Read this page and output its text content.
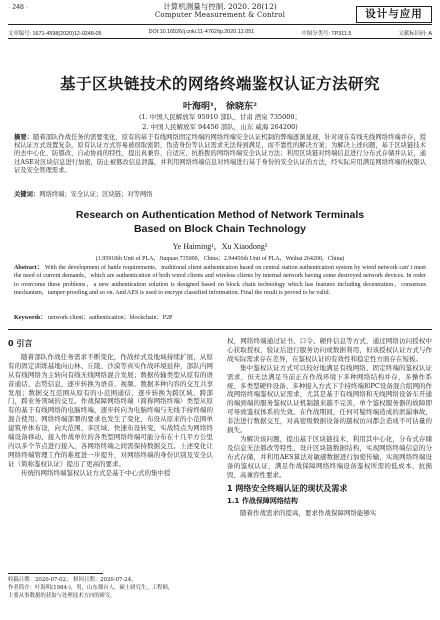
· 248 ·	计算机测量与控制. 2020. 28(12)
Computer Measurement & Control	设计与应用
文章编号: 1671-4598(2020)12-0248-05	DOI:10.16526/j.cnki.11-4762/tp.2020.12.051	中图分类号: TP311.5	文献标识码: A
基于区块链技术的网络终端鉴权认证方法研究
叶海明¹， 徐晓东²
(1. 中国人民解放军 95910 部队，甘肃 酒泉 735000；
2. 中国人民解放军 94456 部队，山东 威海 264200)
摘要：随着部队作战任务的需要变化，原有的基于有线网络固定终端的网络终端安全认证机制的弊端逐渐显现，针对现在有线无线网络终端并存，授权认证方式设置复杂，原有认证方式容易被窃取密钥、伪造身份等认证需求无法得到满足，而不靠性的解决方案；为解决上述问题，基于区块链技术的去中心化、防篡改、自动协商的特性，提出真兼容、自适应、抗推拨的网络终端安全认证方法；利用区块链对终端信息进行分布式存储并认证，通过ASE对区块信息进行加密，防止被篡改信息泄露，并利用网络终端信息对终端进行基于身份的安全认证的方法，经实际应用满足网络终端的权限认证及安全管理需求。
关键词：网络终端；安全认证；区块链；对等网络
Research on Authentication Method of Network Terminals
Based on Block Chain Technology
Ye Haiming¹，Xu Xiaodong²
(1.95910th Unit of PLA，Jiuquan 735000，China；2.94456th Unit of PLA，Weihai 264200，China)
Abstract： With the development of battle requirements，traditional client authentication based on central station authentication system by wired network can' t meet the need of current demands，which are authentication of both wired clients and wireless clients by internal network having some destroyed network devices. In order to overcome these problems，a new authentication solution is designed based on block chain technology which has features including decentration，consensus mechanism，tamper-proofing and so on. And AES is used to encrypt classified information. Final the result is proved to be valid.
Keywords： network client；authentication；blockchain；P2P
0 引言

随着部队作战任务需求不断变化，作战样式及地域持续扩展，从原有的固定训练基地向山林、丘陵、沙漠等真实作战环境延伸，部队内网从有线网络为主转向有线无线网络混合发展；数据传输类型从原有的语音通话、态势信息，逐步转换为语音、视频、数据多种内容的交互共享发展；数据交互范围从原有的小范围通信，逐步转换为跨区域、跨部门，跨业务领域的交互。作战保障网络终端（简称网络终端）类型从原有的基于有线网络的电脑终端，逐步转向为电脑终端与无线手持终端的混合使用；网络终端部署的要求也发生了变化，布设从原来的小范围单建筑单体布设，向大范围、多区域、快速布设转变，实战特点为网络终端设备移动、接入作战单位的各类型网络终端可能分布在十几平方公里内以多个节点进行接入，各网络终端之间需保持数据交互。上述变化让网络终端管理工作的难度进一步提升，对网络终端的身份识别及安全认证（简称鉴权认证）提出了更高的要求。

传统的网络终端鉴权认证方式是基于中心式的集中授

收稿日期：2020-07-02； 修回日期：2020-07-24。
作者简介：叶海明(1984-)，男，山东烟台人，硕士研究生，工程师，
主要从事数据的获取与处理技术方向的研究。

权，网络终端通过证书、口令、硬件信息等方式，通过网络访问授权中心获取授权，验证后进行服务访问或数据利用，但该授权认证方式与作战实际需求存在差异，在鉴权认证的有效性和稳定性方面存在短板。

集中鉴权认证方式可以较好地满足有线网络、固定终端的鉴权认证需求，但无法满足当前正在作战环境下多种网络结构并存，多操作系统、多类型硬件设备、多种接入方式下手持终端和PC设备混合组网的作战网络终端鉴权认证需求，尤其是基于有线网络和无线网络设备车开通的端到端的服务鉴权认证机制越来越不完善，单个鉴权服务器的故障即可导致鉴权体系的失效。在作战期间，任何可疑终端造成的泄漏事故，非法进行数据交互，对高密级数据设备的越权访问都会造成不可估量的损失。

为解决该问题，提出基于区块链技术，利用其中心化，分布式存储及信息无法篡改等特性，设计区块链数据结构，实现网络终端信息的分布式存储，并利用AES算法对敏感数据进行加密传输，实现网络终端设备的鉴权认证，满足作战保障网络终端设备鉴权所需的低成本、抗损毁、高兼容性要求。

1 网络安全终端认证的现状及需求
1.1 作战保障网络结构

随着作战需求的提高，要求作战保障网络能够实
